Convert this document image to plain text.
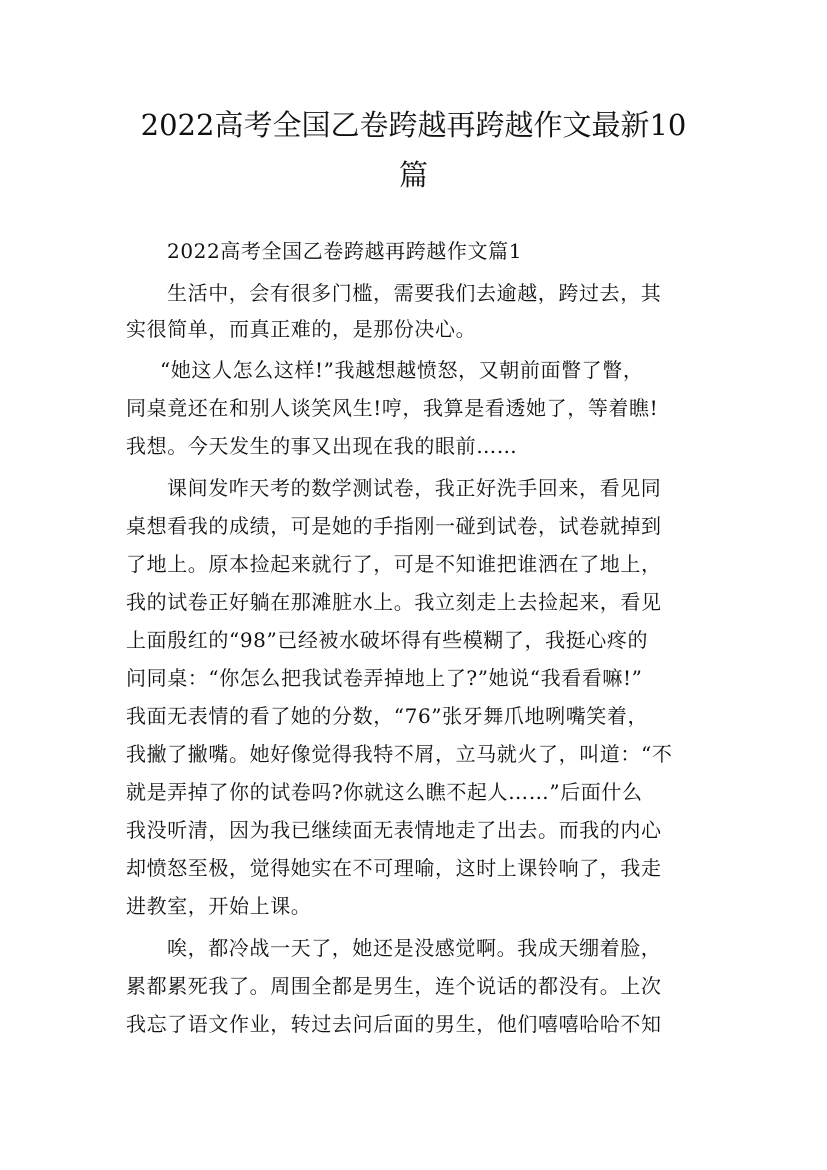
2022高考全国乙卷跨越再跨越作文最新10
篇

2022高考全国乙卷跨越再跨越作文篇1

生活中，会有很多门槛，需要我们去逾越，跨过去，其

实很简单，而真正难的，是那份决心。

“她这人怎么这样!”我越想越愤怒，又朝前面瞥了瞥，

同桌竟还在和别人谈笑风生!哼，我算是看透她了，等着瞧!

我想。今天发生的事又出现在我的眼前……

课间发咋天考的数学测试卷，我正好洗手回来，看见同

桌想看我的成绩，可是她的手指刚一碰到试卷，试卷就掉到

了地上。原本捡起来就行了，可是不知谁把谁洒在了地上，

我的试卷正好躺在那滩脏水上。我立刻走上去捡起来，看见

上面殷红的“98”已经被水破坏得有些模糊了，我挺心疼的

问同桌：“你怎么把我试卷弄掉地上了?”她说“我看看嘛!”

我面无表情的看了她的分数，“76”张牙舞爪地咧嘴笑着，

我撇了撇嘴。她好像觉得我特不屑，立马就火了，叫道：“不

就是弄掉了你的试卷吗?你就这么瞧不起人……”后面什么

我没听清，因为我已继续面无表情地走了出去。而我的内心

却愤怒至极，觉得她实在不可理喻，这时上课铃响了，我走

进教室，开始上课。

唉，都冷战一天了，她还是没感觉啊。我成天绷着脸，

累都累死我了。周围全都是男生，连个说话的都没有。上次

我忘了语文作业，转过去问后面的男生，他们嘻嘻哈哈不知
